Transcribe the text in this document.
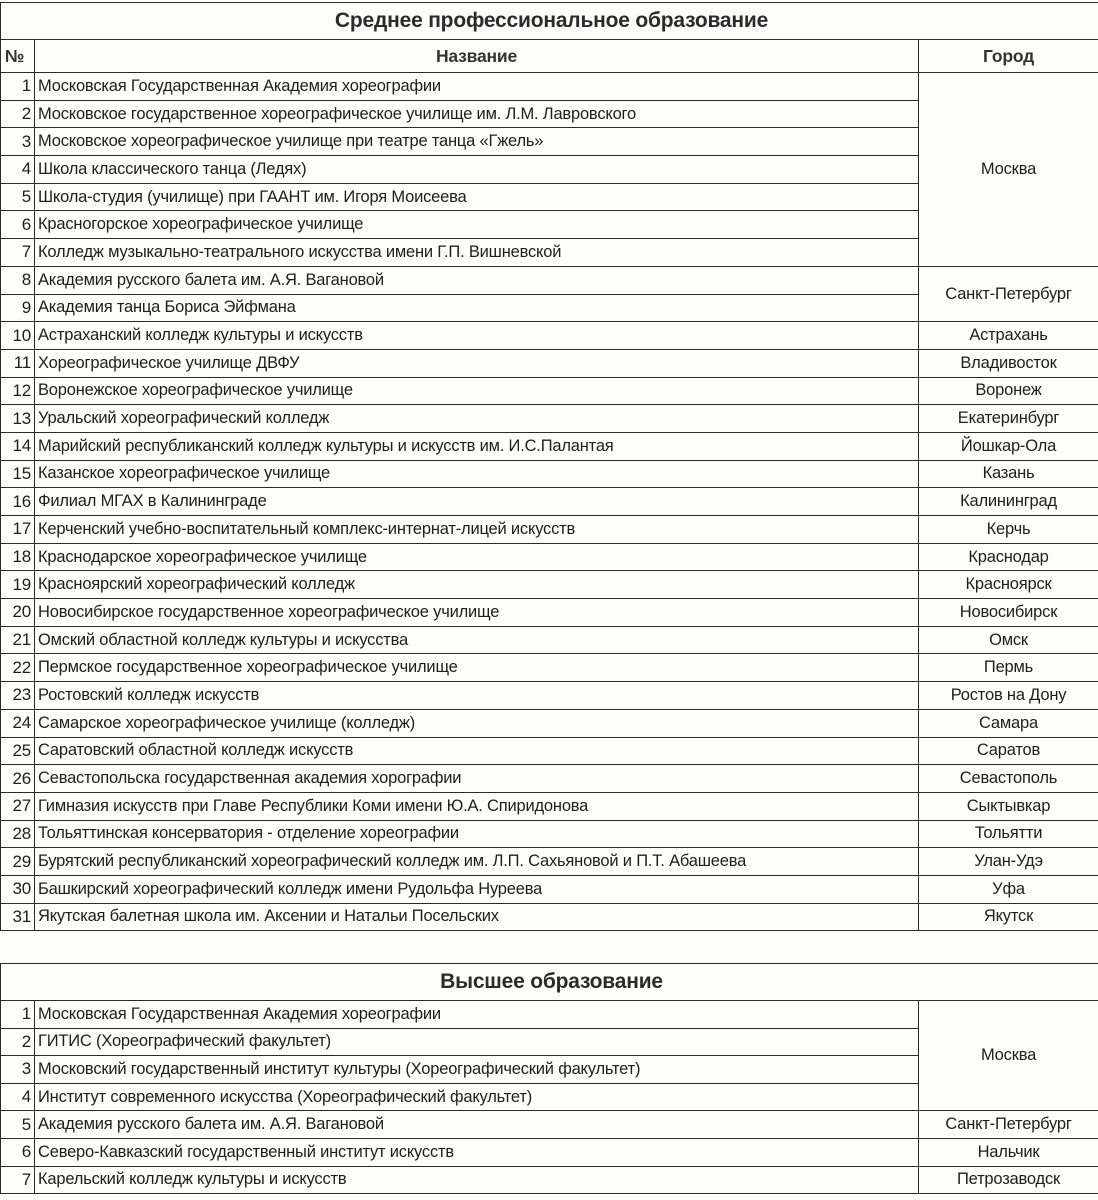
Среднее профессиональное образование		
№	Название	Город
1	Московская Государственная Академия хореографии	Москва
2	Московское государственное хореографическое училище им. Л.М. Лавровского	
3	Московское хореографическое училище при театре танца «Гжель»	
4	Школа классического танца (Ледях)	
5	Школа-студия (училище) при ГААНТ им. Игоря Моисеева	
6	Красногорское хореографическое училище	
7	Колледж музыкально-театрального искусства имени Г.П. Вишневской	
8	Академия русского балета им. А.Я. Вагановой	Санкт-Петербург
9	Академия танца Бориса Эйфмана	
10	Астраханский колледж культуры и искусств	Астрахань
11	Хореографическое училище ДВФУ	Владивосток
12	Воронежское хореографическое училище	Воронеж
13	Уральский хореографический колледж	Екатеринбург
14	Марийский республиканский колледж культуры и искусств им. И.С.Палантая	Йошкар-Ола
15	Казанское хореографическое училище	Казань
16	Филиал МГАХ в Калининграде	Калининград
17	Керченский учебно-воспитательный комплекс-интернат-лицей искусств	Керчь
18	Краснодарское хореографическое училище	Краснодар
19	Красноярский хореографический колледж	Красноярск
20	Новосибирское государственное хореографическое училище	Новосибирск
21	Омский областной колледж культуры и искусства	Омск
22	Пермское государственное хореографическое училище	Пермь
23	Ростовский колледж искусств	Ростов на Дону
24	Самарское хореографическое училище (колледж)	Самара
25	Саратовский областной колледж искусств	Саратов
26	Севастопольска государственная академия хорографии	Севастополь
27	Гимназия искусств при Главе Республики Коми имени Ю.А. Спиридонова	Сыктывкар
28	Тольяттинская консерватория - отделение хореографии	Тольятти
29	Бурятский республиканский хореографический колледж им. Л.П. Сахьяновой и П.Т. Абашеева	Улан-Удэ
30	Башкирский хореографический колледж имени Рудольфа Нуреева	Уфа
31	Якутская балетная школа им. Аксении и Натальи Посельских	Якутск
Высшее образование		
1	Московская Государственная Академия хореографии	Москва
2	ГИТИС (Хореографический факультет)	
3	Московский государственный институт культуры (Хореографический факультет)	
4	Институт современного искусства (Хореографический факультет)	
5	Академия русского балета им. А.Я. Вагановой	Санкт-Петербург
6	Северо-Кавказский государственный институт искусств	Нальчик
7	Карельский колледж культуры и искусств	Петрозаводск
